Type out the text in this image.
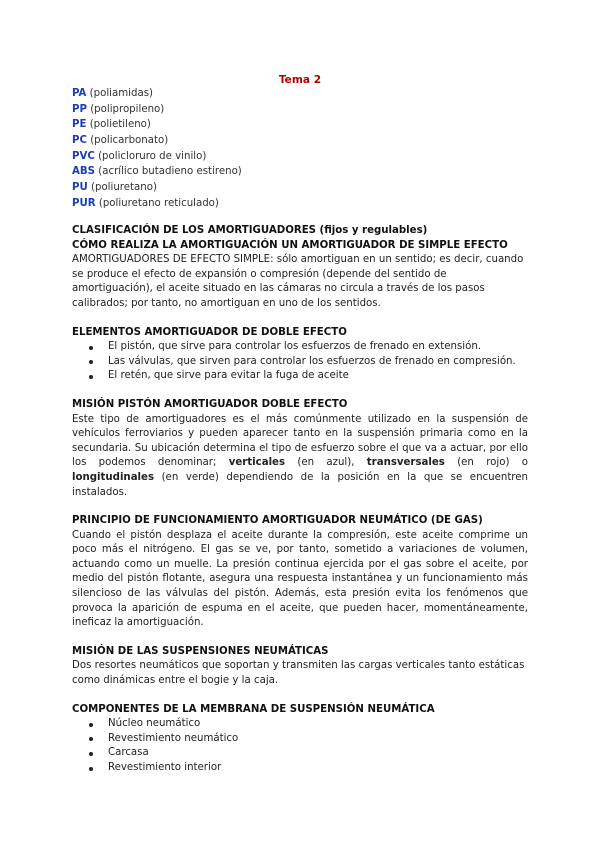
Tema 2
PA (poliamidas)
PP (polipropileno)
PE (polietileno)
PC (policarbonato)
PVC (policloruro de vinilo)
ABS (acrílico butadieno estireno)
PU (poliuretano)
PUR (poliuretano reticulado)
CLASIFICACIÓN DE LOS AMORTIGUADORES (fijos y regulables)
CÓMO REALIZA LA AMORTIGUACIÓN UN AMORTIGUADOR DE SIMPLE EFECTO

AMORTIGUADORES DE EFECTO SIMPLE: sólo amortiguan en un sentido; es decir, cuando se produce el efecto de expansión o compresión (depende del sentido de amortiguación), el aceite situado en las cámaras no circula a través de los pasos calibrados; por tanto, no amortiguan en uno de los sentidos.

ELEMENTOS AMORTIGUADOR DE DOBLE EFECTO
El pistón, que sirve para controlar los esfuerzos de frenado en extensión.
Las válvulas, que sirven para controlar los esfuerzos de frenado en compresión.
El retén, que sirve para evitar la fuga de aceite
MISIÓN PISTÓN AMORTIGUADOR DOBLE EFECTO

Este tipo de amortiguadores es el más comúnmente utilizado en la suspensión de vehículos ferroviarios y pueden aparecer tanto en la suspensión primaria como en la secundaria. Su ubicación determina el tipo de esfuerzo sobre el que va a actuar, por ello los podemos denominar; verticales (en azul), transversales (en rojo) o longitudinales (en verde) dependiendo de la posición en la que se encuentren instalados.

PRINCIPIO DE FUNCIONAMIENTO AMORTIGUADOR NEUMÁTICO (DE GAS)

Cuando el pistón desplaza el aceite durante la compresión, este aceite comprime un poco más el nitrógeno. El gas se ve, por tanto, sometido a variaciones de volumen, actuando como un muelle. La presión continua ejercida por el gas sobre el aceite, por medio del pistón flotante, asegura una respuesta instantánea y un funcionamiento más silencioso de las válvulas del pistón. Además, esta presión evita los fenómenos que provoca la aparición de espuma en el aceite, que pueden hacer, momentáneamente, ineficaz la amortiguación.

MISIÓN DE LAS SUSPENSIONES NEUMÁTICAS

Dos resortes neumáticos que soportan y transmiten las cargas verticales tanto estáticas como dinámicas entre el bogie y la caja.

COMPONENTES DE LA MEMBRANA DE SUSPENSIÓN NEUMÁTICA
Núcleo neumático
Revestimiento neumático
Carcasa
Revestimiento interior
